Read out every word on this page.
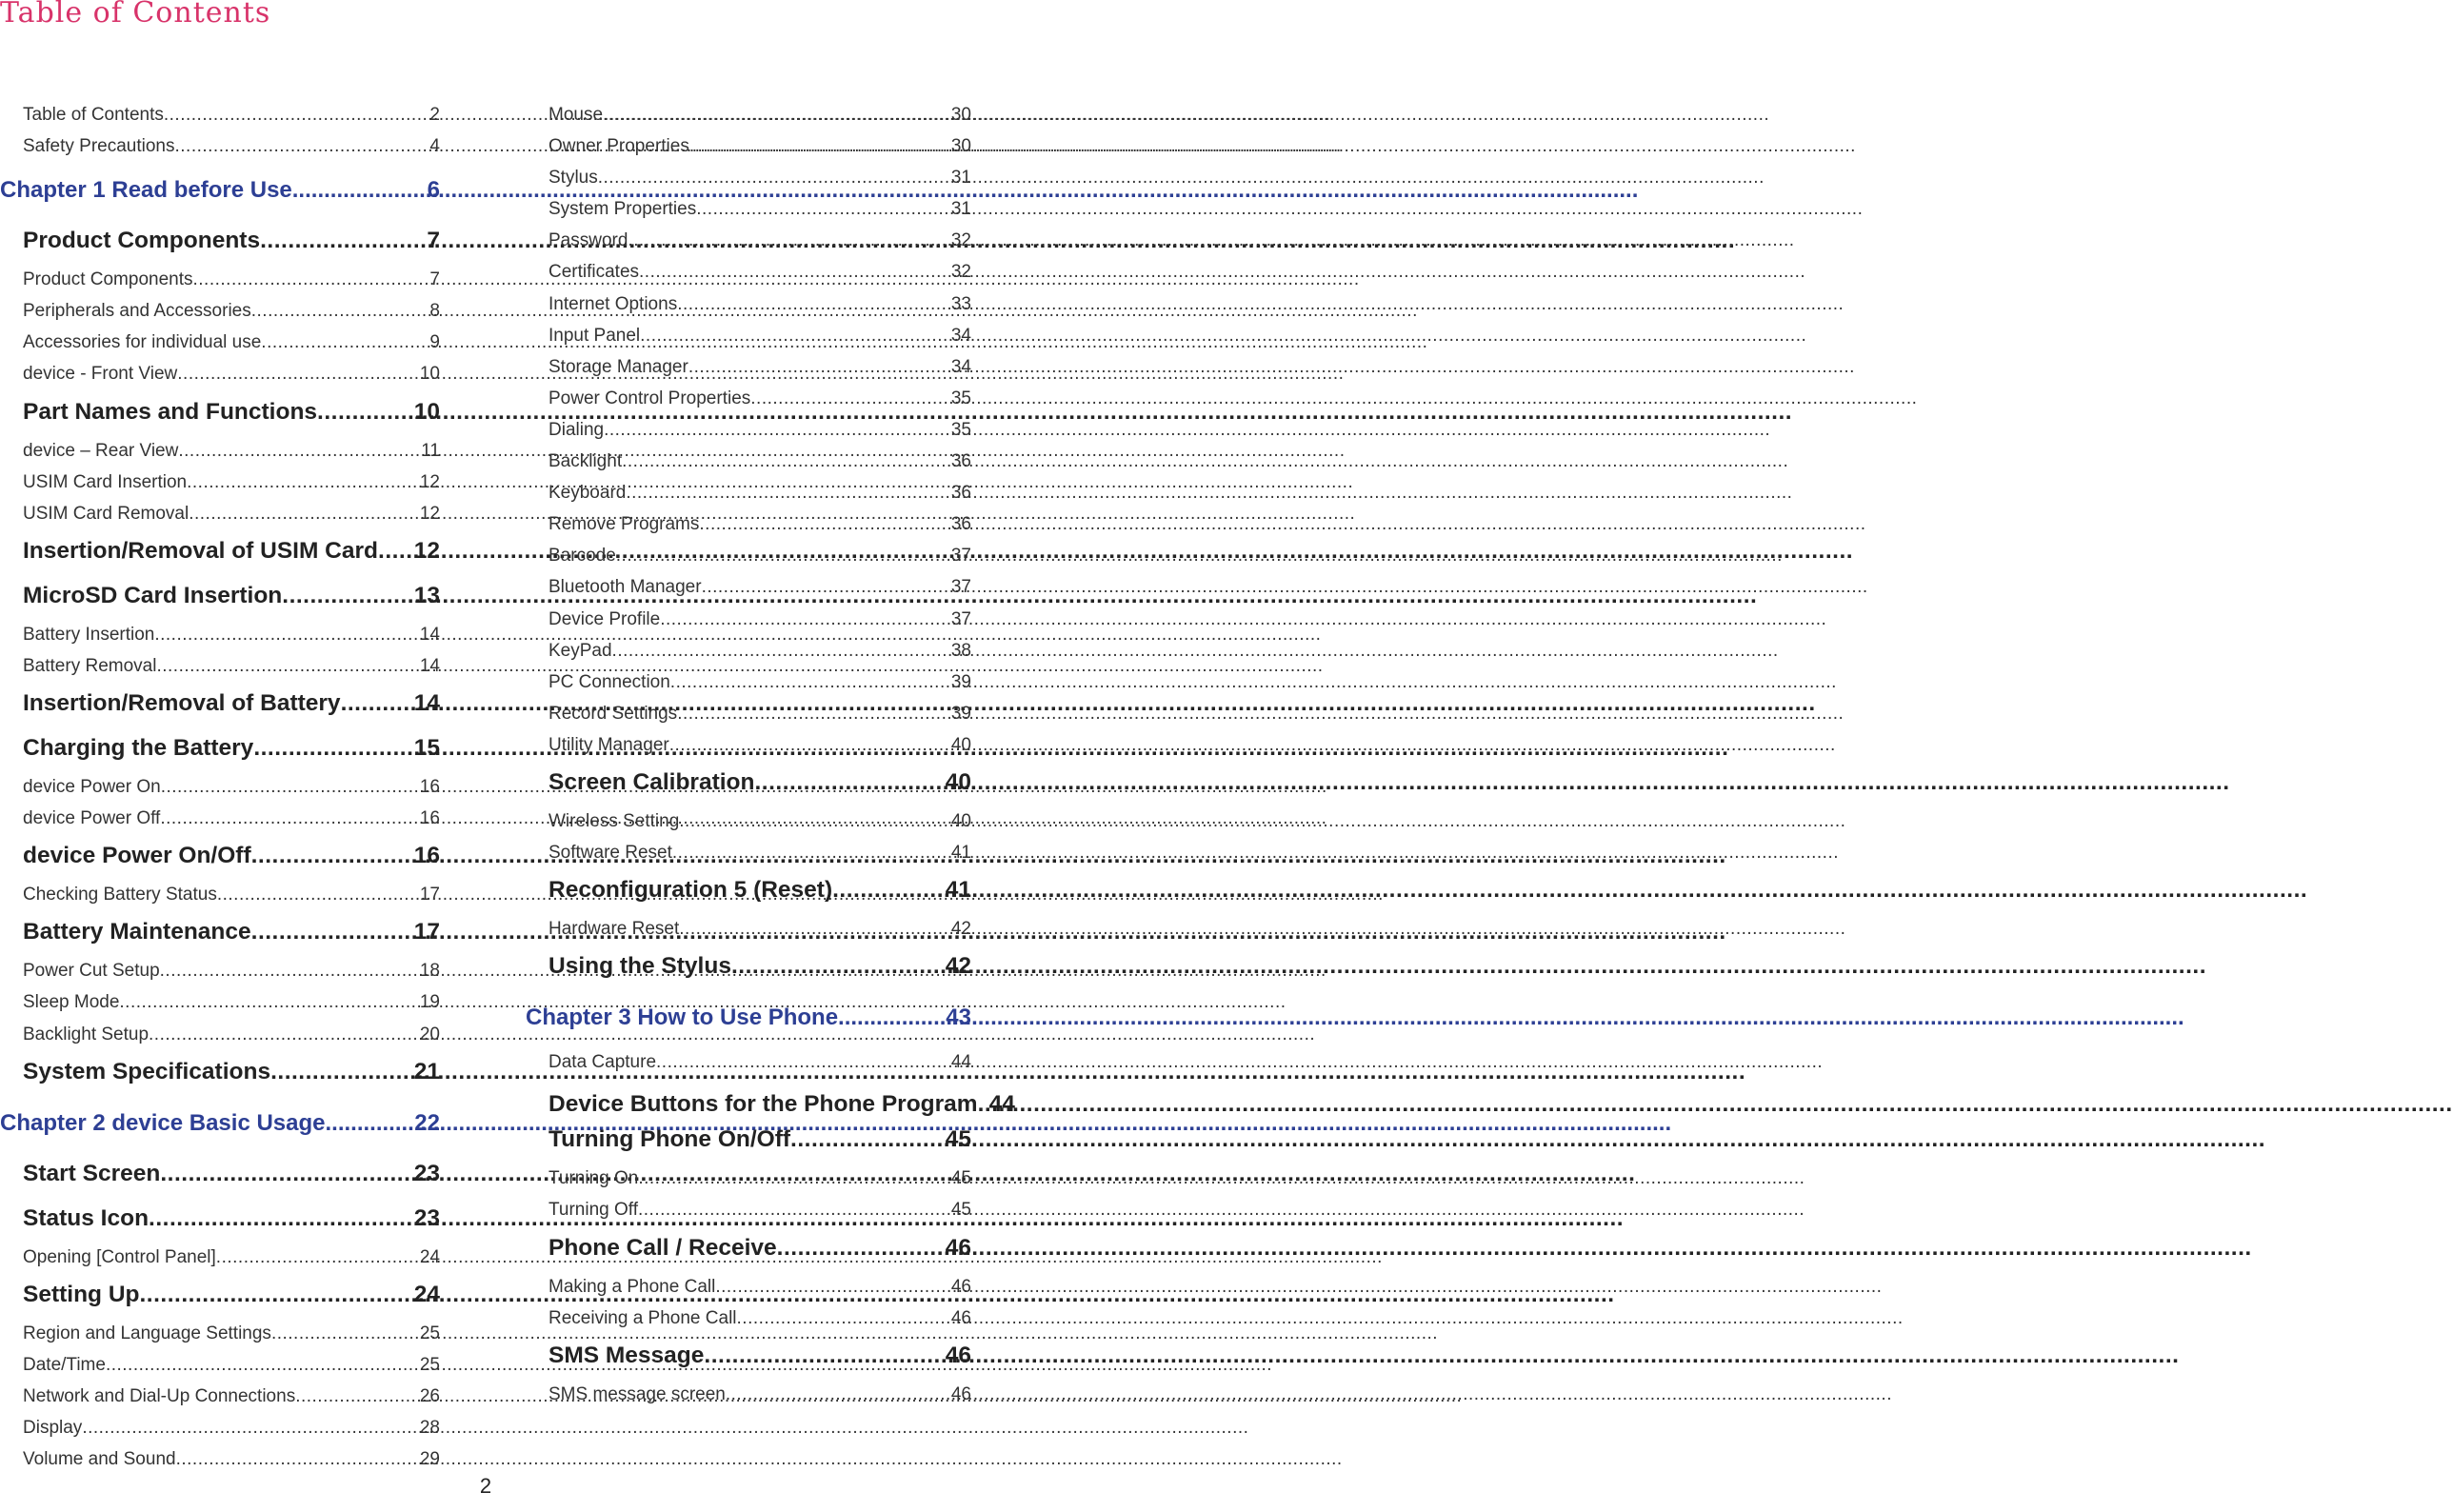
Table of Contents
Table of Contents .....	2
Safety Precautions .....	4
Chapter 1 Read before Use .....	6
Product Components .....	7
Product Components .....	7
Peripherals and Accessories .....	8
Accessories for individual use .....	9
device - Front View .....	10
Part Names and Functions .....	10
device – Rear View .....	11
USIM Card Insertion .....	12
USIM Card Removal .....	12
Insertion/Removal of USIM Card ..... 12
MicroSD Card Insertion .....	13
Battery Insertion .....	14
Battery Removal .....	14
Insertion/Removal of Battery .....	14
Charging the Battery .....	15
device Power On .....	16
device Power Off .....	16
device Power On/Off .....	16
Checking Battery Status .....	17
Battery Maintenance .....	17
Power Cut Setup .....	18
Sleep Mode .....	19
Backlight Setup .....	20
System Specifications .....	21
Chapter 2 device Basic Usage .....	22
Start Screen .....	23
Status Icon .....	23
Opening [Control Panel] .....	24
Setting Up .....	24
Region and Language Settings .....	25
Date/Time .....	25
Network and Dial-Up Connections .....	26
Display .....	28
Volume and Sound .....	29
Mouse .....	30
Owner Properties .....	30
Stylus .....	31
System Properties .....	31
Password .....	32
Certificates .....	32
Internet Options .....	33
Input Panel .....	34
Storage Manager .....	34
Power Control Properties .....	35
Dialing .....	35
Backlight .....	36
Keyboard .....	36
Remove Programs .....	36
Barcode .....	37
Bluetooth Manager .....	37
Device Profile .....	37
KeyPad .....	38
PC Connection .....	39
Record Settings .....	39
Utility Manager .....	40
Screen Calibration .....	40
Wireless Setting .....	40
Software Reset .....	41
Reconfiguration 5 (Reset) .....	41
Hardware Reset .....	42
Using the Stylus .....	42
Chapter 3 How to Use Phone .....	43
Data Capture .....	44
Device Buttons for the Phone Program ..... 44
Turning Phone On/Off .....	45
Turning On .....	45
Turning Off .....	45
Phone Call / Receive .....	46
Making a Phone Call .....	46
Receiving a Phone Call .....	46
SMS Message .....	46
SMS message screen .....	46
2
